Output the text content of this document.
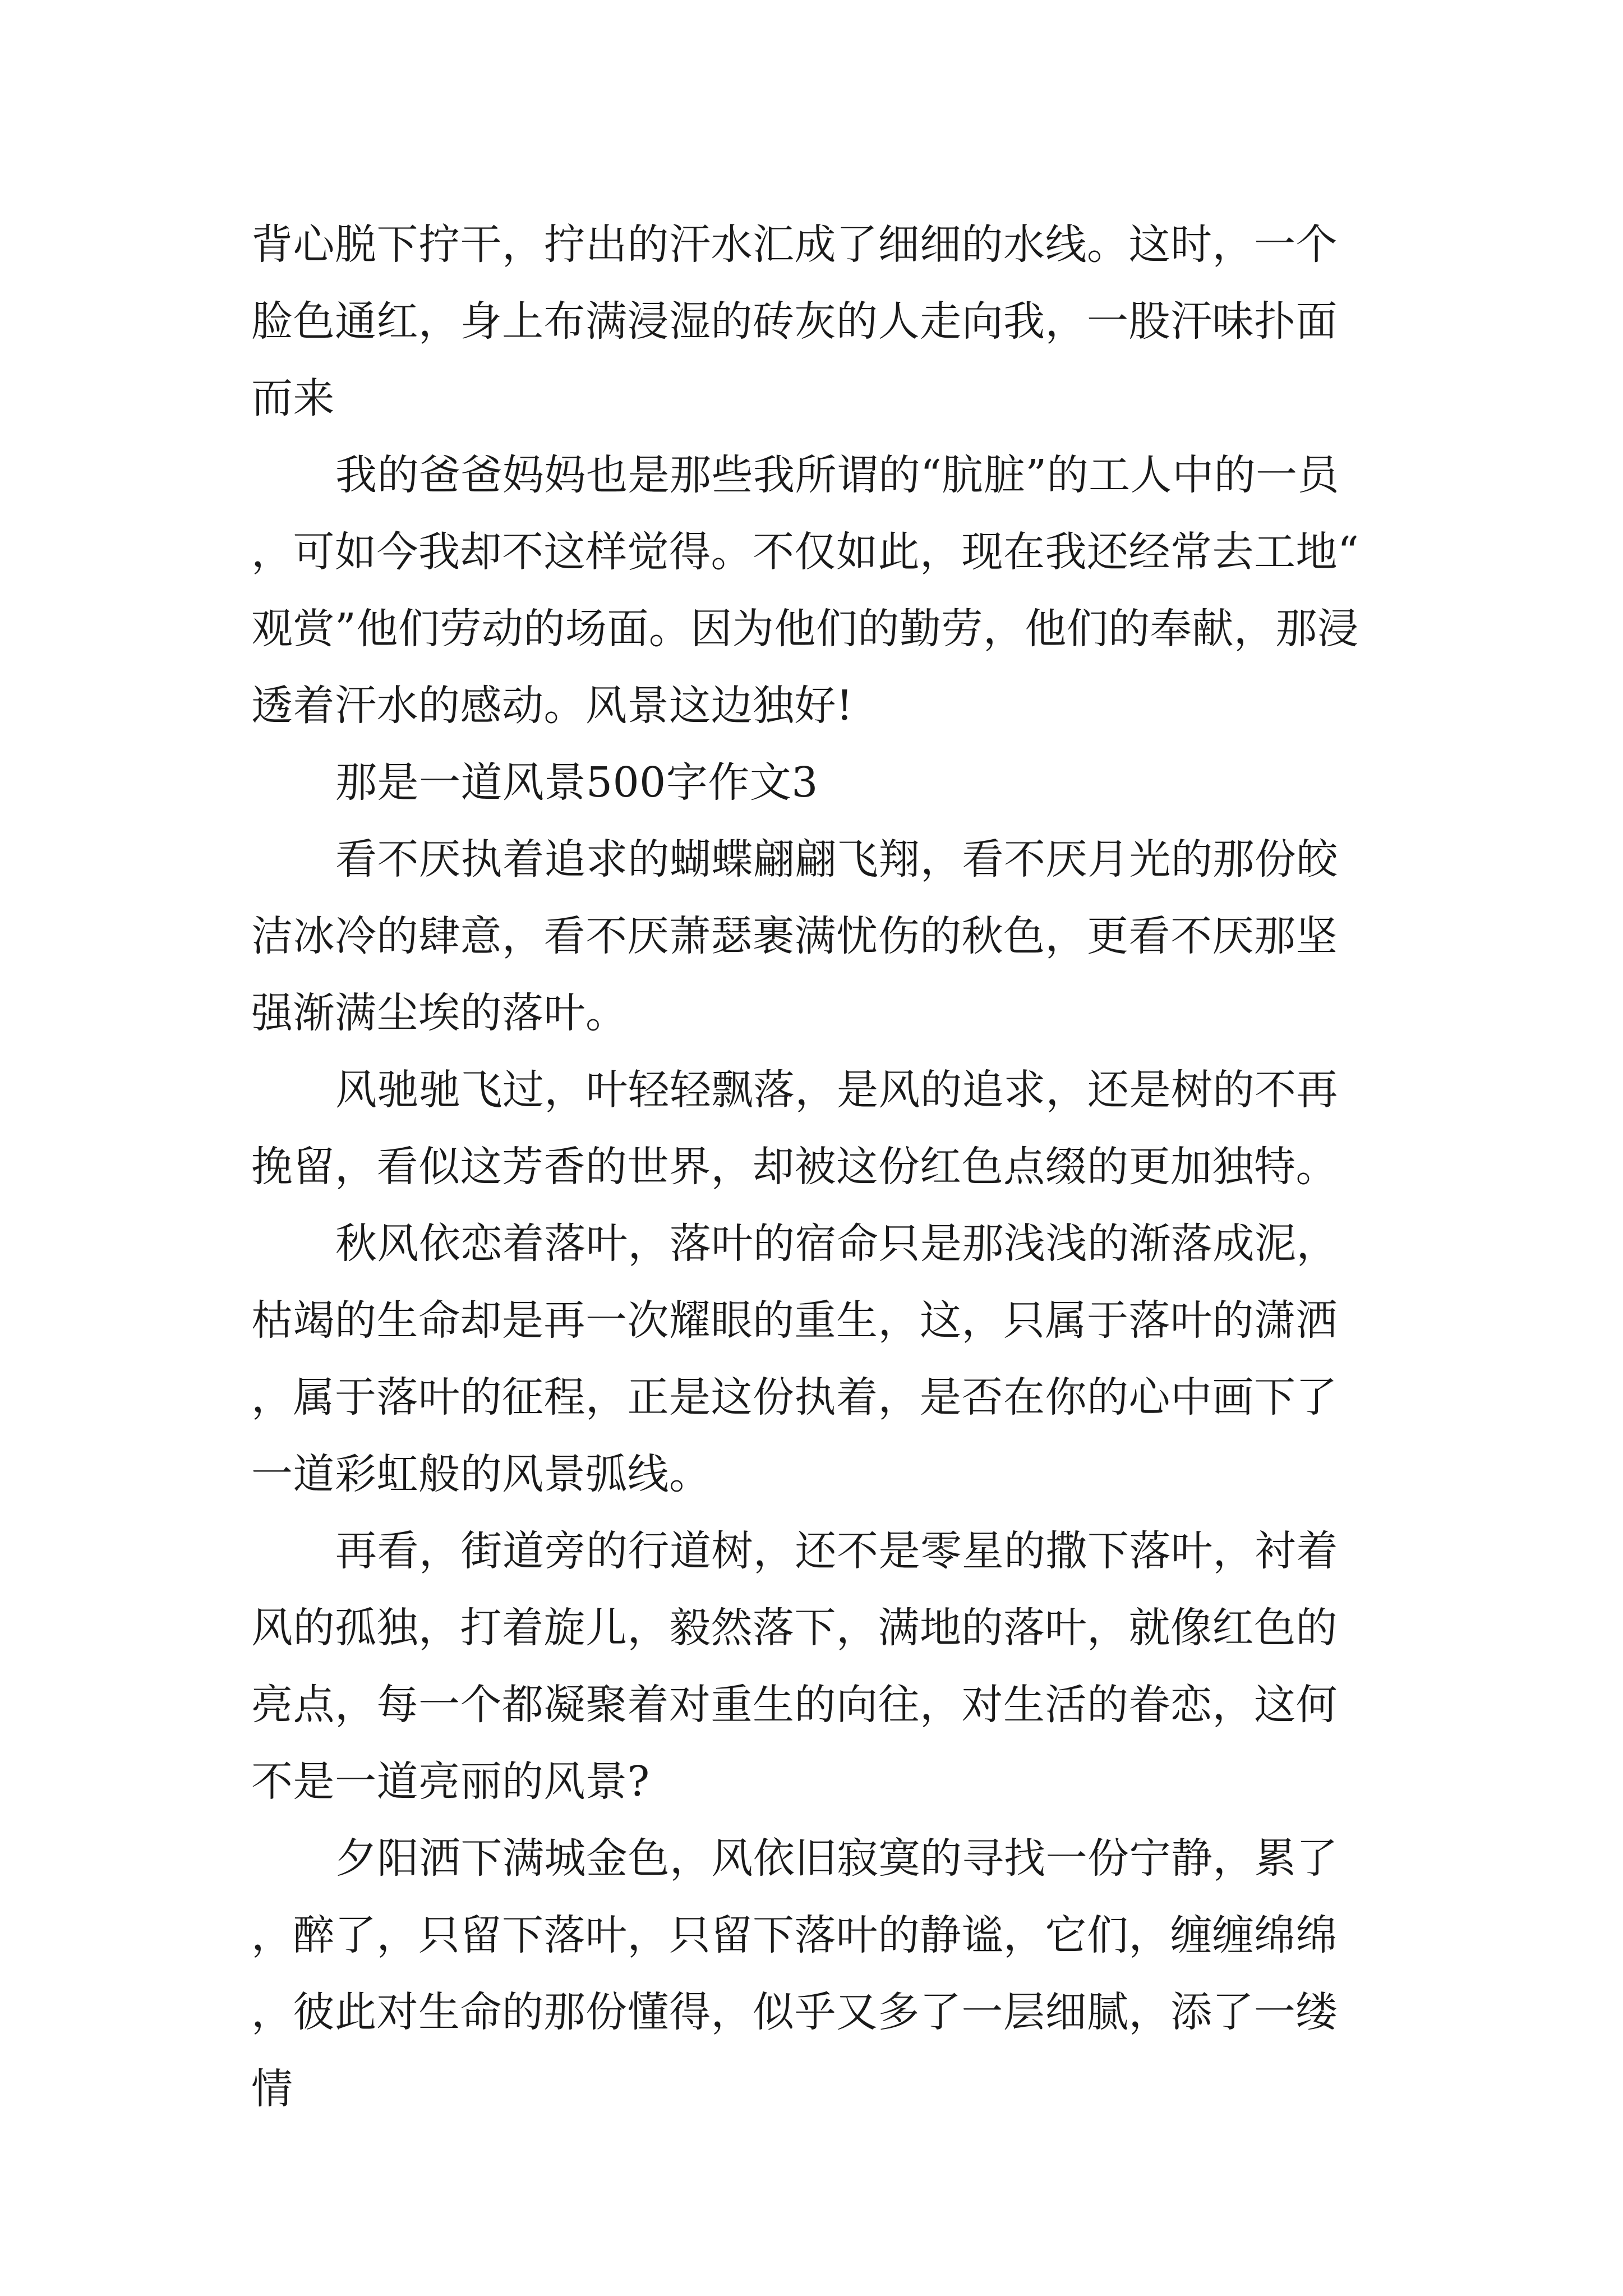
背心脱下拧干，拧出的汗水汇成了细细的水线。这时，一个脸色通红，身上布满浸湿的砖灰的人走向我，一股汗味扑面而来

我的爸爸妈妈也是那些我所谓的“肮脏”的工人中的一员，可如今我却不这样觉得。不仅如此，现在我还经常去工地“观赏”他们劳动的场面。因为他们的勤劳，他们的奉献，那浸透着汗水的感动。风景这边独好!

那是一道风景500字作文3

看不厌执着追求的蝴蝶翩翩飞翔，看不厌月光的那份皎洁冰冷的肆意，看不厌萧瑟裹满忧伤的秋色，更看不厌那坚强渐满尘埃的落叶。

风驰驰飞过，叶轻轻飘落，是风的追求，还是树的不再挽留，看似这芳香的世界，却被这份红色点缀的更加独特。

秋风依恋着落叶，落叶的宿命只是那浅浅的渐落成泥，枯竭的生命却是再一次耀眼的重生，这，只属于落叶的潇洒，属于落叶的征程，正是这份执着，是否在你的心中画下了一道彩虹般的风景弧线。

再看，街道旁的行道树，还不是零星的撒下落叶，衬着风的孤独，打着旋儿，毅然落下，满地的落叶，就像红色的亮点，每一个都凝聚着对重生的向往，对生活的眷恋，这何不是一道亮丽的风景?

夕阳洒下满城金色，风依旧寂寞的寻找一份宁静，累了，醉了，只留下落叶，只留下落叶的静谧，它们，缠缠绵绵，彼此对生命的那份懂得，似乎又多了一层细腻，添了一缕情
